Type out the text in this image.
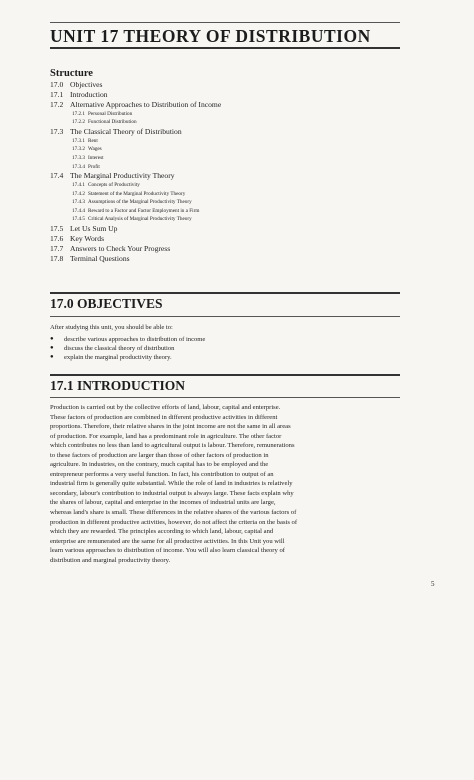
UNIT 17 THEORY OF DISTRIBUTION
Structure
17.0 Objectives
17.1 Introduction
17.2 Alternative Approaches to Distribution of Income
17.2.1 Personal Distribution
17.2.2 Functional Distribution
17.3 The Classical Theory of Distribution
17.3.1 Rent
17.3.2 Wages
17.3.3 Interest
17.3.4 Profit
17.4 The Marginal Productivity Theory
17.4.1 Concepts of Productivity
17.4.2 Statement of the Marginal Productivity Theory
17.4.3 Assumptions of the Marginal Productivity Theory
17.4.4 Reward to a Factor and Factor Employment in a Firm
17.4.5 Critical Analysis of Marginal Productivity Theory
17.5 Let Us Sum Up
17.6 Key Words
17.7 Answers to Check Your Progress
17.8 Terminal Questions
17.0 OBJECTIVES
After studying this unit, you should be able to:
● describe various approaches to distribution of income
● discuss the classical theory of distribution
● explain the marginal productivity theory.
17.1 INTRODUCTION
Production is carried out by the collective efforts of land, labour, capital and enterprise.
These factors of production are combined in different productive activities in different
proportions. Therefore, their relative shares in the joint income are not the same in all areas
of production. For example, land has a predominant role in agriculture. The other factor
which contributes no less than land to agricultural output is labour. Therefore, remunerations
to these factors of production are larger than those of other factors of production in
agriculture. In industries, on the contrary, much capital has to be employed and the
entrepreneur performs a very useful function. In fact, his contribution to output of an
industrial firm is generally quite substantial. While the role of land in industries is relatively
secondary, labour's contribution to industrial output is always large. These facts explain why
the shares of labour, capital and enterprise in the incomes of industrial units are large,
whereas land's share is small. These differences in the relative shares of the various factors of
production in different productive activities, however, do not affect the criteria on the basis of
which they are rewarded. The principles according to which land, labour, capital and
enterprise are remunerated are the same for all productive activities. In this Unit you will
learn various approaches to distribution of income. You will also learn classical theory of
distribution and marginal productivity theory.
5
